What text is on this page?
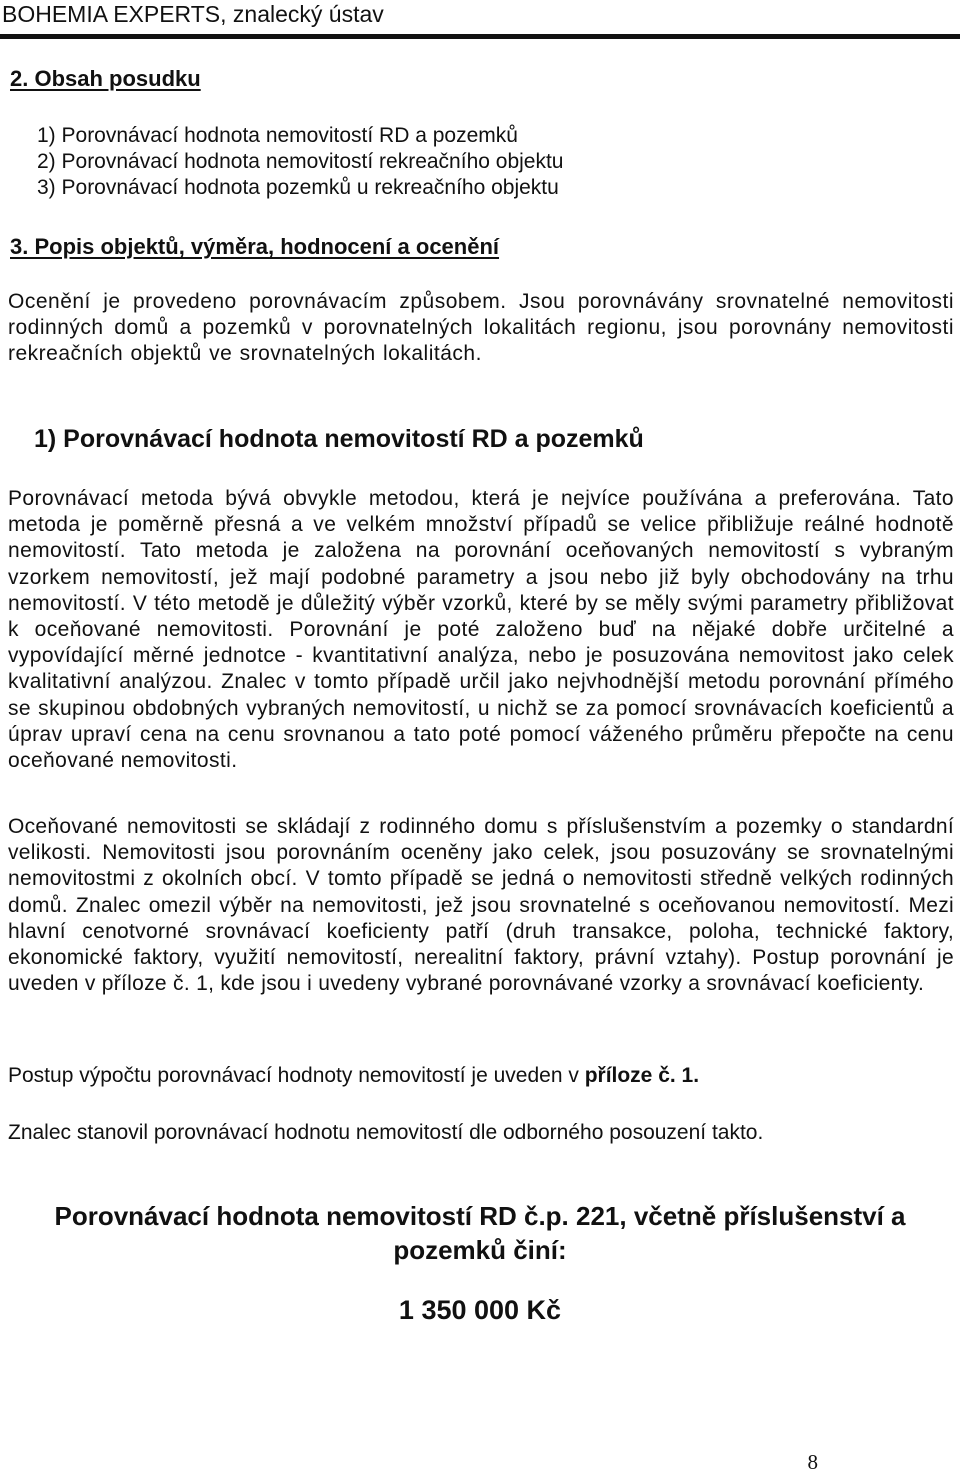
BOHEMIA EXPERTS, znalecký ústav
2. Obsah posudku
1) Porovnávací hodnota nemovitostí RD a pozemků
2) Porovnávací hodnota nemovitostí rekreačního objektu
3) Porovnávací hodnota pozemků u rekreačního objektu
3. Popis objektů, výměra, hodnocení a ocenění

Ocenění je provedeno porovnávacím způsobem. Jsou porovnávány srovnatelné nemovitosti rodinných domů a pozemků v porovnatelných lokalitách regionu, jsou porovnány nemovitosti rekreačních objektů ve srovnatelných lokalitách.

1) Porovnávací hodnota nemovitostí RD a pozemků

Porovnávací metoda bývá obvykle metodou, která je nejvíce používána a preferována. Tato metoda je poměrně přesná a ve velkém množství případů se velice přibližuje reálné hodnotě nemovitostí. Tato metoda je založena na porovnání oceňovaných nemovitostí s vybraným vzorkem nemovitostí, jež mají podobné parametry a jsou nebo již byly obchodovány na trhu nemovitostí. V této metodě je důležitý výběr vzorků, které by se měly svými parametry přibližovat k oceňované nemovitosti. Porovnání je poté založeno buď na nějaké dobře určitelné a vypovídající měrné jednotce - kvantitativní analýza, nebo je posuzována nemovitost jako celek kvalitativní analýzou. Znalec v tomto případě určil jako nejvhodnější metodu porovnání přímého se skupinou obdobných vybraných nemovitostí, u nichž se za pomocí srovnávacích koeficientů a úprav upraví cena na cenu srovnanou a tato poté pomocí váženého průměru přepočte na cenu oceňované nemovitosti.

Oceňované nemovitosti se skládají z rodinného domu s příslušenstvím a pozemky o standardní velikosti. Nemovitosti jsou porovnáním oceněny jako celek, jsou posuzovány se srovnatelnými nemovitostmi z okolních obcí. V tomto případě se jedná o nemovitosti středně velkých rodinných domů. Znalec omezil výběr na nemovitosti, jež jsou srovnatelné s oceňovanou nemovitostí. Mezi hlavní cenotvorné srovnávací koeficienty patří (druh transakce, poloha, technické faktory, ekonomické faktory, využití nemovitostí, nerealitní faktory, právní vztahy). Postup porovnání je uveden v příloze č. 1, kde jsou i uvedeny vybrané porovnávané vzorky a srovnávací koeficienty.

Postup výpočtu porovnávací hodnoty nemovitostí je uveden v příloze č. 1.
Znalec stanovil porovnávací hodnotu nemovitostí dle odborného posouzení takto.
Porovnávací hodnota nemovitostí RD č.p. 221, včetně příslušenství a
pozemků činí:
1 350 000 Kč
8
